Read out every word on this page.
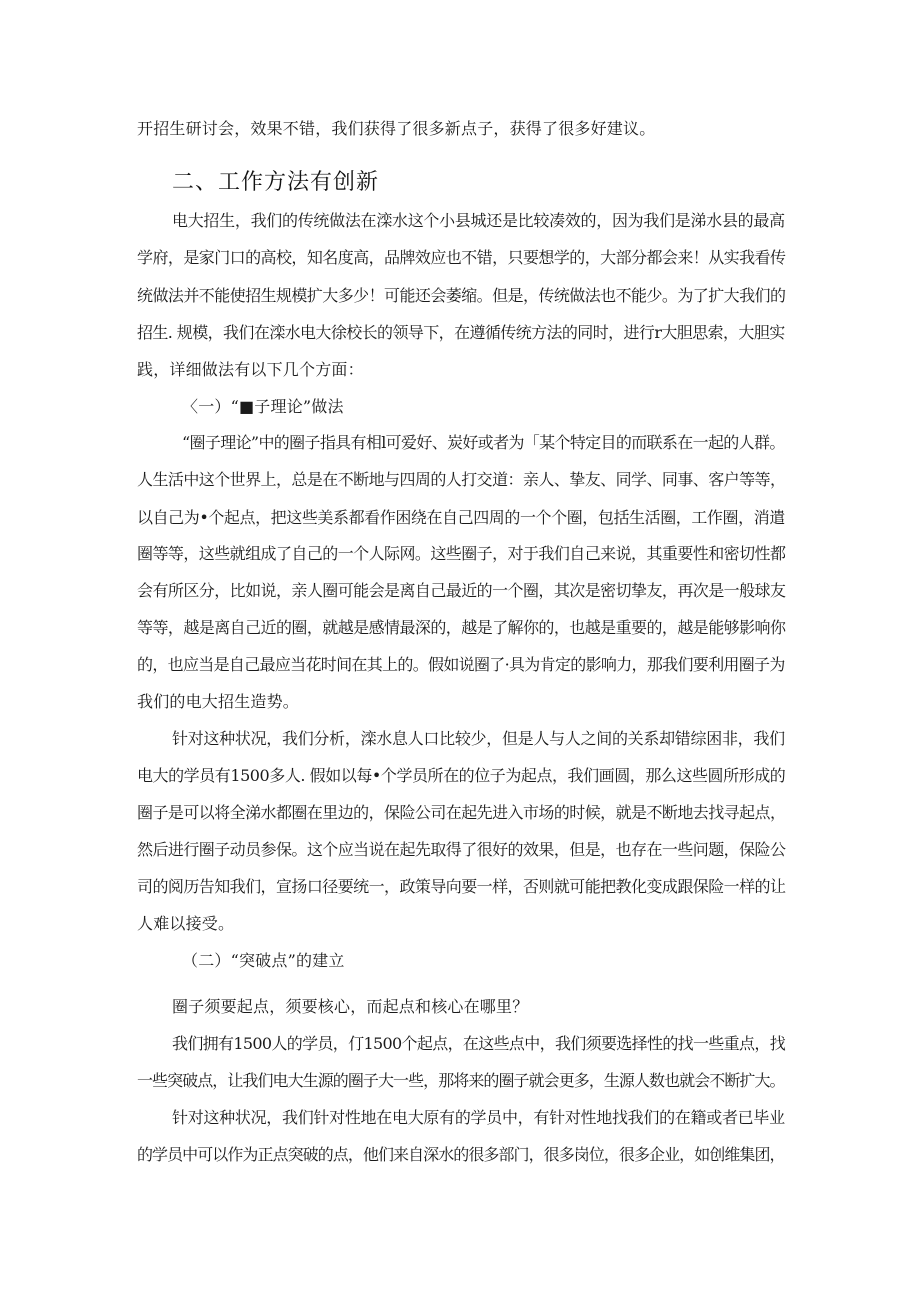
开招生研讨会，效果不错，我们获得了很多新点子，获得了很多好建议。
二、工作方法有创新
电大招生，我们的传统做法在滦水这个小县城还是比较凑效的，因为我们是涕水县的最高
学府，是家门口的高校，知名度高，品牌效应也不错，只要想学的，大部分都会来！从实我看传
统做法并不能使招生规模扩大多少！可能还会萎缩。但是，传统做法也不能少。为了扩大我们的
招生. 规模，我们在滦水电大徐校长的领导下，在遵循传统方法的同时，进行r大胆思索，大胆实
践，详细做法有以下几个方面：
〈一）“■子理论”做法
“圈子理论”中的圈子指具有相l可爱好、炭好或者为「某个特定目的而联系在一起的人群。
人生活中这个世界上，总是在不断地与四周的人打交道：亲人、挚友、同学、同事、客户等等，
以自己为•个起点，把这些美系都看作困绕在自己四周的一个个圈，包括生活圈，工作圈，消遣
圈等等，这些就组成了自己的一个人际网。这些圈子，对于我们自己来说，其重要性和密切性都
会有所区分，比如说，亲人圈可能会是离自己最近的一个圈，其次是密切挚友，再次是一般球友
等等，越是离自己近的圈，就越是感情最深的，越是了解你的，也越是重要的，越是能够影响你
的，也应当是自己最应当花时间在其上的。假如说圈了·具为肯定的影响力，那我们要利用圈子为
我们的电大招生造势。
针对这种状况，我们分析，滦水息人口比较少，但是人与人之间的关系却错综困非，我们
电大的学员有1500多人. 假如以每•个学员所在的位子为起点，我们画圆，那么这些圆所形成的
圈子是可以将全涕水都圈在里边的，保险公司在起先进入市场的时候，就是不断地去找寻起点，
然后进行圈子动员参保。这个应当说在起先取得了很好的效果，但是，也存在一些问题，保险公
司的阅历告知我们，宣扬口径要统一，政策导向要一样，否则就可能把教化变成跟保险一样的让
人难以接受。
（二）“突破点”的建立
圈子须要起点，须要核心，而起点和核心在哪里？
我们拥有1500人的学员，仃1500个起点，在这些点中，我们须要选择性的找一些重点，找
一些突破点，让我们电大生源的圈子大一些，那将来的圈子就会更多，生源人数也就会不断扩大。
针对这种状况，我们针对性地在电大原有的学员中，有针对性地找我们的在籍或者已毕业
的学员中可以作为正点突破的点，他们来自深水的很多部门，很多岗位，很多企业，如创维集团，
